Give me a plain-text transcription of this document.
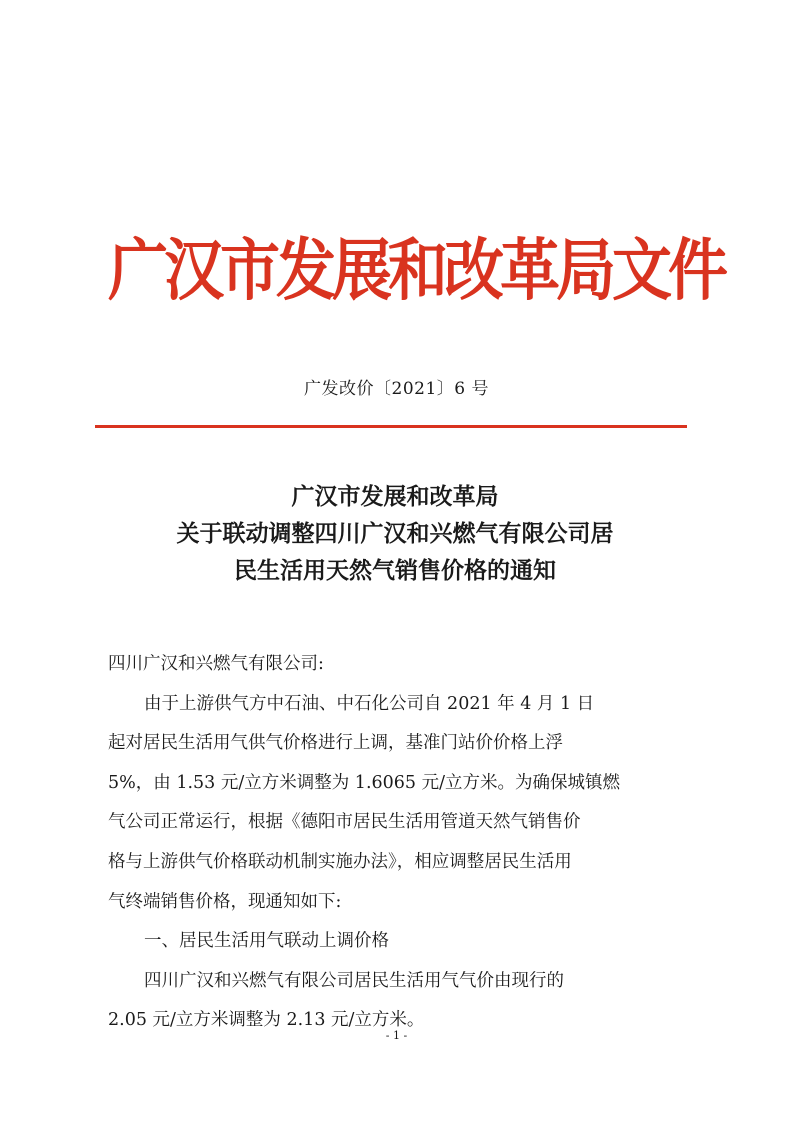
广汉市发展和改革局文件
广发改价〔2021〕6 号
广汉市发展和改革局
关于联动调整四川广汉和兴燃气有限公司居
民生活用天然气销售价格的通知

四川广汉和兴燃气有限公司:

由于上游供气方中石油、中石化公司自 2021 年 4 月 1 日

起对居民生活用气供气价格进行上调，基准门站价价格上浮

5%，由 1.53 元/立方米调整为 1.6065 元/立方米。为确保城镇燃

气公司正常运行，根据《德阳市居民生活用管道天然气销售价

格与上游供气价格联动机制实施办法》，相应调整居民生活用

气终端销售价格，现通知如下:

一、居民生活用气联动上调价格

四川广汉和兴燃气有限公司居民生活用气气价由现行的

2.05 元/立方米调整为 2.13 元/立方米。

- 1 -
